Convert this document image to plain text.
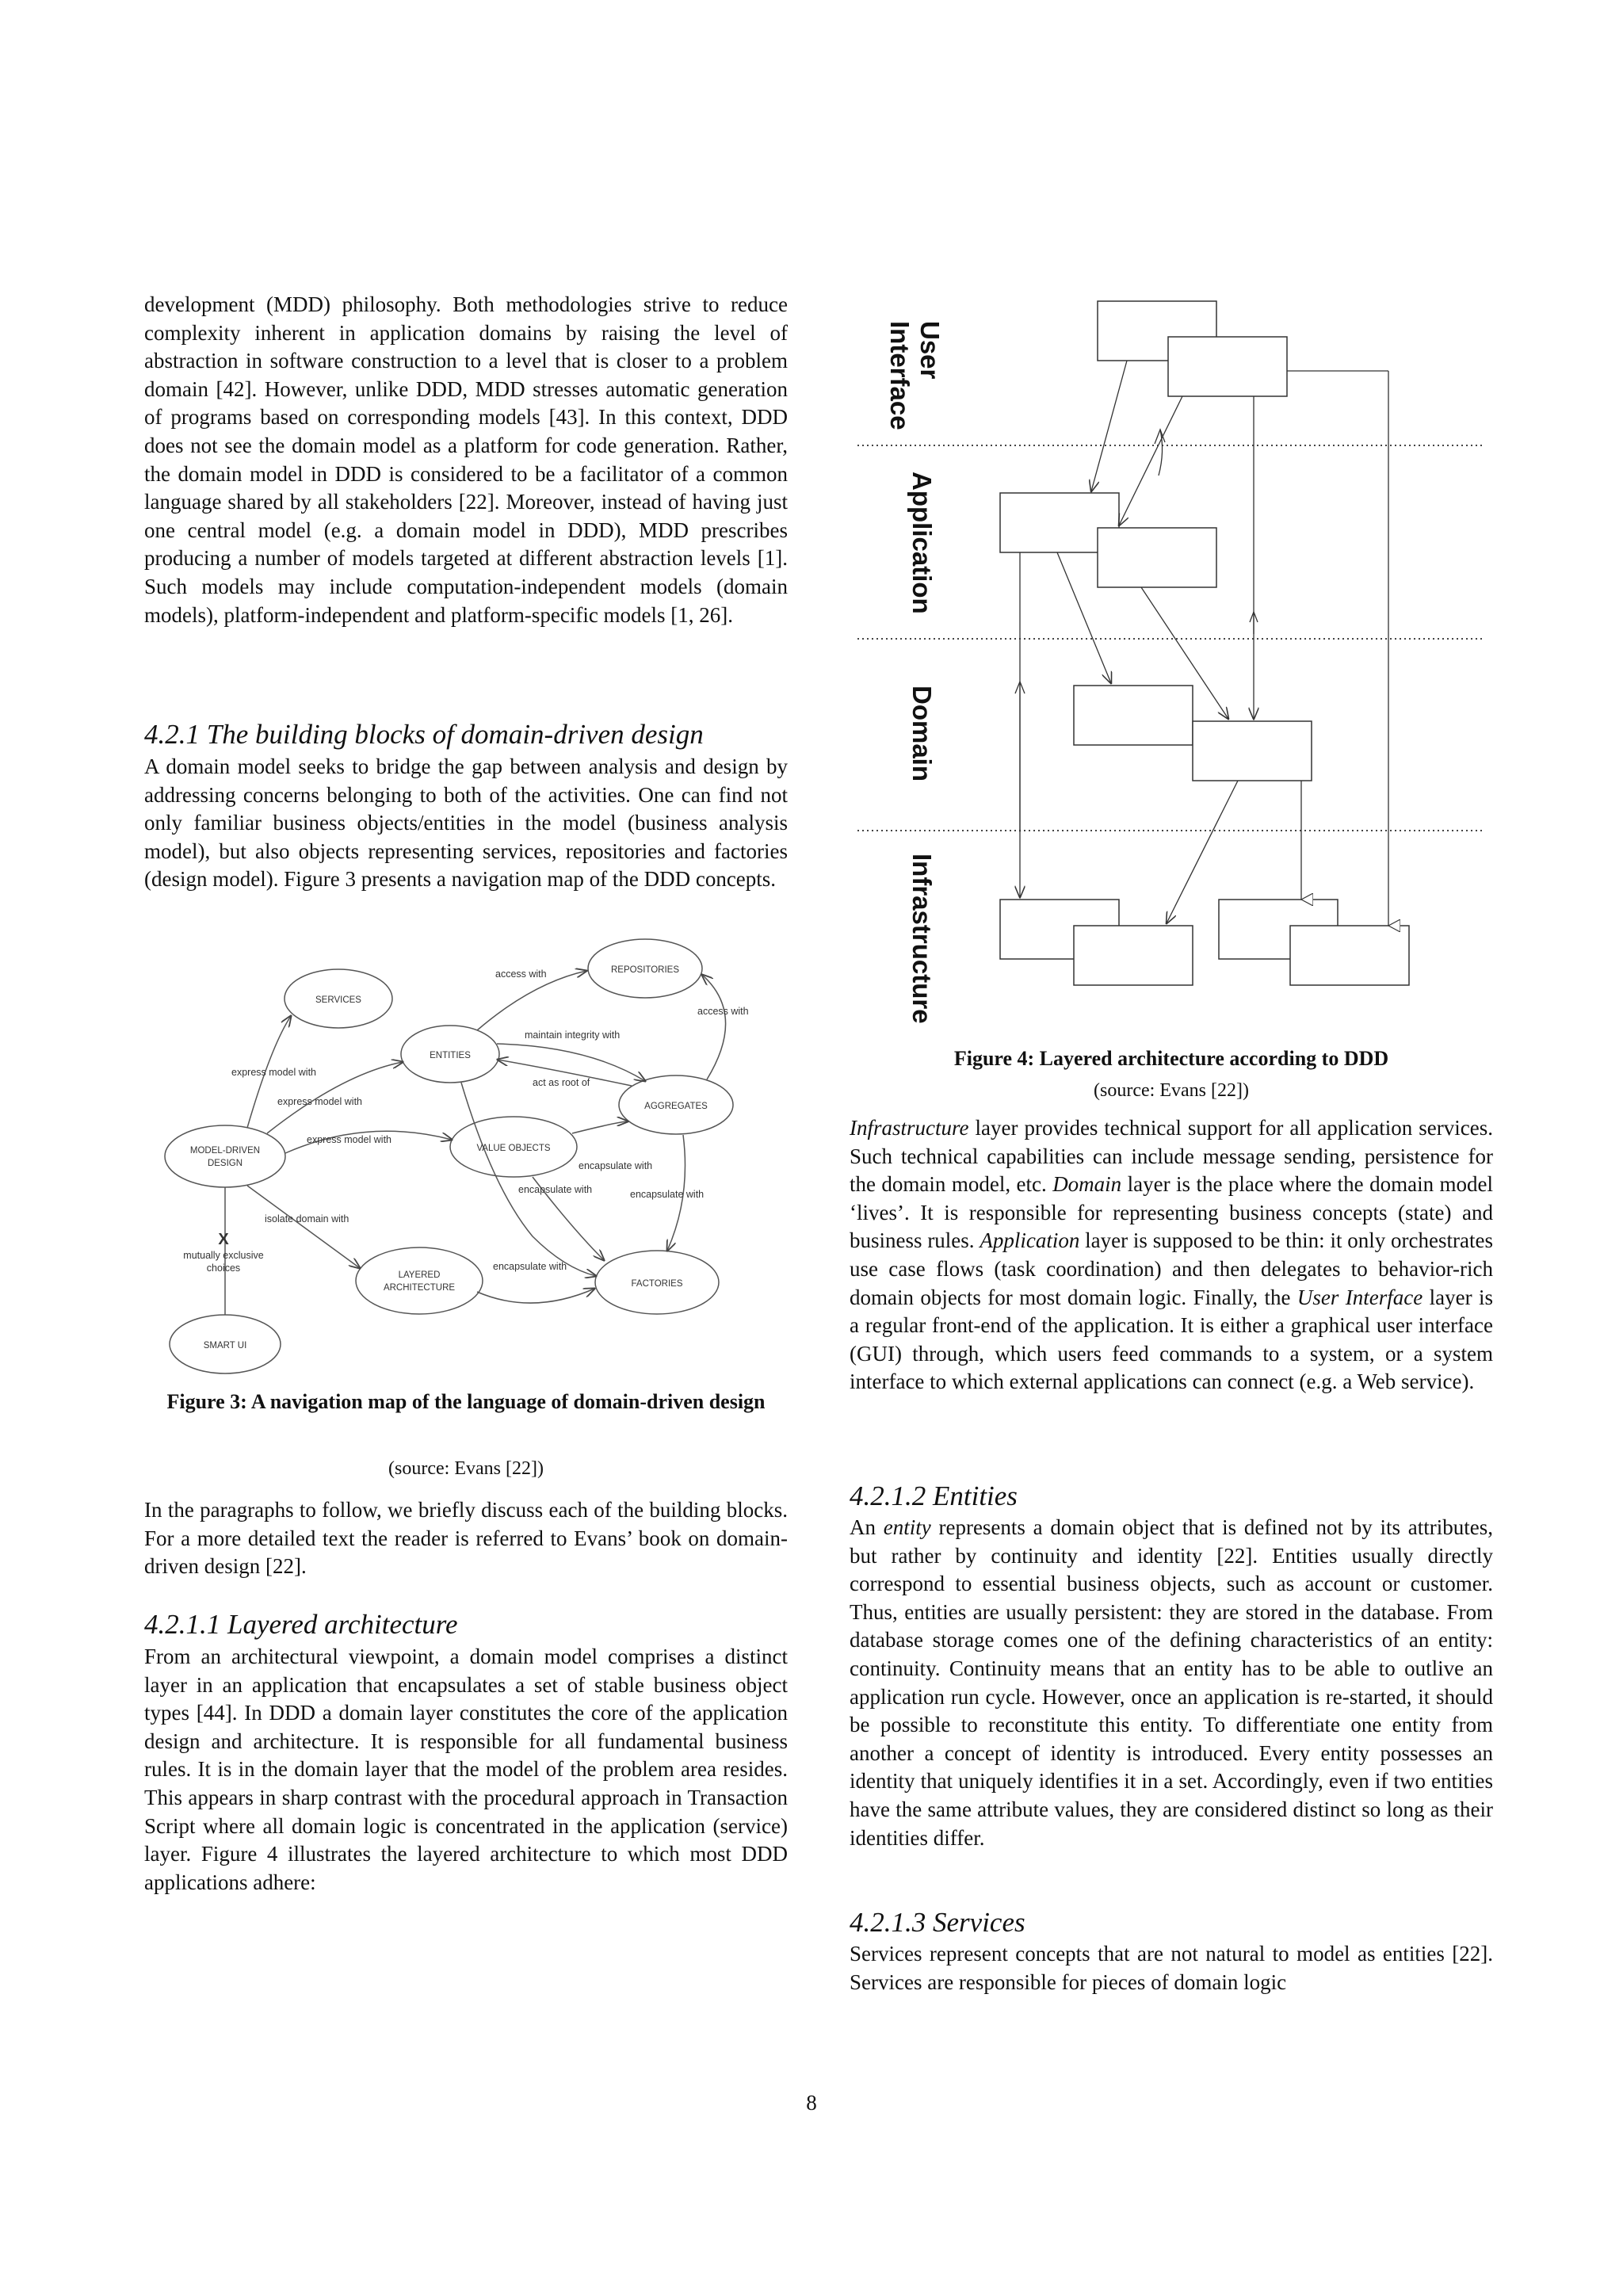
development (MDD) philosophy. Both methodologies strive to reduce complexity inherent in application domains by raising the level of abstraction in software construction to a level that is closer to a problem domain [42]. However, unlike DDD, MDD stresses automatic generation of programs based on corresponding models [43]. In this context, DDD does not see the domain model as a platform for code generation. Rather, the domain model in DDD is considered to be a facilitator of a common language shared by all stakeholders [22]. Moreover, instead of having just one central model (e.g. a domain model in DDD), MDD prescribes producing a number of models targeted at different abstraction levels [1]. Such models may include computation-independent models (domain models), platform-independent and platform-specific models [1, 26].

4.2.1 The building blocks of domain-driven design

A domain model seeks to bridge the gap between analysis and design by addressing concerns belonging to both of the activities. One can find not only familiar business objects/entities in the model (business analysis model), but also objects representing services, repositories and factories (design model). Figure 3 presents a navigation map of the DDD concepts.

SERVICES
REPOSITORIES
ENTITIES
AGGREGATES
VALUE OBJECTS
MODEL-DRIVEN
DESIGN
LAYERED
ARCHITECTURE	FACTORIES
SMART UI
access with
access with
maintain integrity with
act as root of
express model with
express model with
express model with
encapsulate with
encapsulate with	encapsulate with
encapsulate with
isolate domain with
X
mutually exclusive
choices
Figure 3: A navigation map of the language of domain-driven design
(source: Evans [22])

In the paragraphs to follow, we briefly discuss each of the building blocks. For a more detailed text the reader is referred to Evans’ book on domain-driven design [22].

4.2.1.1 Layered architecture

From an architectural viewpoint, a domain model comprises a distinct layer in an application that encapsulates a set of stable business object types [44]. In DDD a domain layer constitutes the core of the application design and architecture. It is responsible for all fundamental business rules. It is in the domain layer that the model of the problem area resides. This appears in sharp contrast with the procedural approach in Transaction Script where all domain logic is concentrated in the application (service) layer. Figure 4 illustrates the layered architecture to which most DDD applications adhere:

User
Application
Domain
Infrastructure
Interface
Figure 4: Layered architecture according to DDD
(source: Evans [22])

Infrastructure layer provides technical support for all application services. Such technical capabilities can include message sending, persistence for the domain model, etc. Domain layer is the place where the domain model ‘lives’. It is responsible for representing business concepts (state) and business rules. Application layer is supposed to be thin: it only orchestrates use case flows (task coordination) and then delegates to behavior-rich domain objects for most domain logic. Finally, the User Interface layer is a regular front-end of the application. It is either a graphical user interface (GUI) through, which users feed commands to a system, or a system interface to which external applications can connect (e.g. a Web service).

4.2.1.2 Entities

An entity represents a domain object that is defined not by its attributes, but rather by continuity and identity [22]. Entities usually directly correspond to essential business objects, such as account or customer. Thus, entities are usually persistent: they are stored in the database. From database storage comes one of the defining characteristics of an entity: continuity. Continuity means that an entity has to be able to outlive an application run cycle. However, once an application is re-started, it should be possible to reconstitute this entity. To differentiate one entity from another a concept of identity is introduced. Every entity possesses an identity that uniquely identifies it in a set. Accordingly, even if two entities have the same attribute values, they are considered distinct so long as their identities differ.

4.2.1.3 Services

Services represent concepts that are not natural to model as entities [22]. Services are responsible for pieces of domain logic

8
